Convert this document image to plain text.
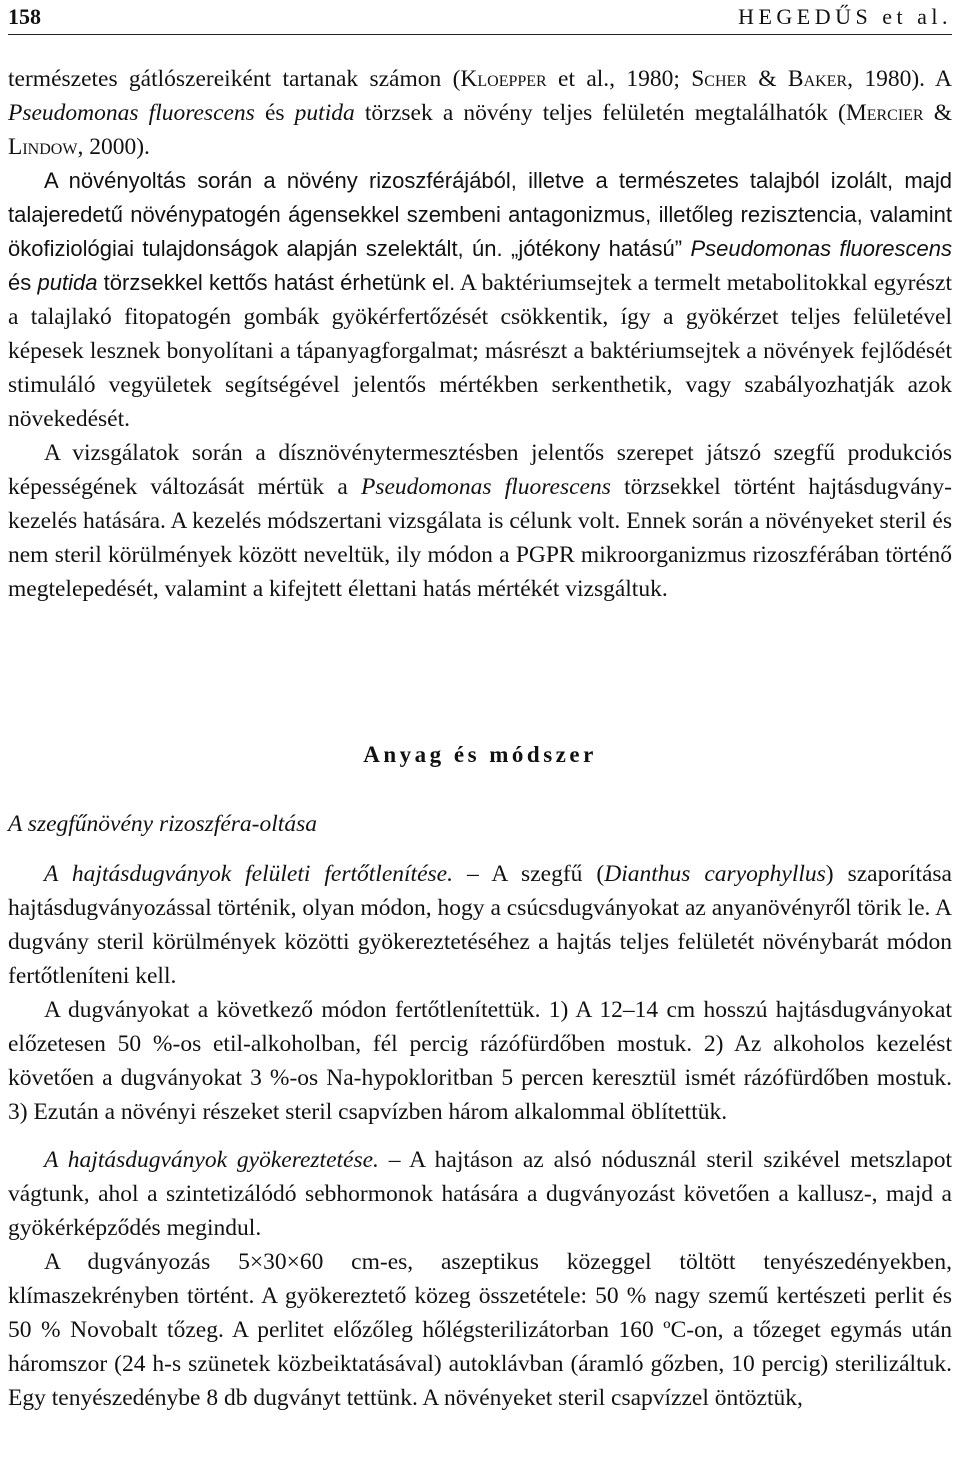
158	HEGEDŰS et al.

természetes gátlószereiként tartanak számon (Kloepper et al., 1980; Scher & Baker, 1980). A Pseudomonas fluorescens és putida törzsek a növény teljes felületén megtalálhatók (Mercier & Lindow, 2000).

A növényoltás során a növény rizoszférájából, illetve a természetes talajból izolált, majd talajeredetű növénypatogén ágensekkel szembeni antagonizmus, illetőleg rezisztencia, valamint ökofiziológiai tulajdonságok alapján szelektált, ún. „jótékony hatású” Pseudomonas fluorescens és putida törzsekkel kettős hatást érhetünk el. A baktériumsejtek a termelt metabolitokkal egyrészt a talajlakó fitopatogén gombák gyökérfertőzését csökkentik, így a gyökérzet teljes felületével képesek lesznek bonyolítani a tápanyagforgalmat; másrészt a baktériumsejtek a növények fejlődését stimuláló vegyületek segítségével jelentős mértékben serkenthetik, vagy szabályozhatják azok növekedését.

A vizsgálatok során a dísznövénytermesztésben jelentős szerepet játszó szegfű produkciós képességének változását mértük a Pseudomonas fluorescens törzsekkel történt hajtásdugvány-kezelés hatására. A kezelés módszertani vizsgálata is célunk volt. Ennek során a növényeket steril és nem steril körülmények között neveltük, ily módon a PGPR mikroorganizmus rizoszférában történő megtelepedését, valamint a kifejtett élettani hatás mértékét vizsgáltuk.

Anyag és módszer
A szegfűnövény rizoszféra-oltása

A hajtásdugványok felületi fertőtlenítése. – A szegfű (Dianthus caryophyllus) szaporítása hajtásdugványozással történik, olyan módon, hogy a csúcsdugványokat az anyanövényről törik le. A dugvány steril körülmények közötti gyökereztetéséhez a hajtás teljes felületét növénybarát módon fertőtleníteni kell.

A dugványokat a következő módon fertőtlenítettük. 1) A 12–14 cm hosszú hajtásdugványokat előzetesen 50 %-os etil-alkoholban, fél percig rázófürdőben mostuk. 2) Az alkoholos kezelést követően a dugványokat 3 %-os Na-hypokloritban 5 percen keresztül ismét rázófürdőben mostuk. 3) Ezután a növényi részeket steril csapvízben három alkalommal öblítettük.

A hajtásdugványok gyökereztetése. – A hajtáson az alsó nódusznál steril szikével metszlapot vágtunk, ahol a szintetizálódó sebhormonok hatására a dugványozást követően a kallusz-, majd a gyökérképződés megindul.

A dugványozás 5×30×60 cm-es, aszeptikus közeggel töltött tenyészedényekben, klímaszekrényben történt. A gyökereztető közeg összetétele: 50 % nagy szemű kertészeti perlit és 50 % Novobalt tőzeg. A perlitet előzőleg hőlégsterilizátorban 160 ºC-on, a tőzeget egymás után háromszor (24 h-s szünetek közbeiktatásával) autoklávban (áramló gőzben, 10 percig) sterilizáltuk. Egy tenyészedénybe 8 db dugványt tettünk. A növényeket steril csapvízzel öntöztük,
